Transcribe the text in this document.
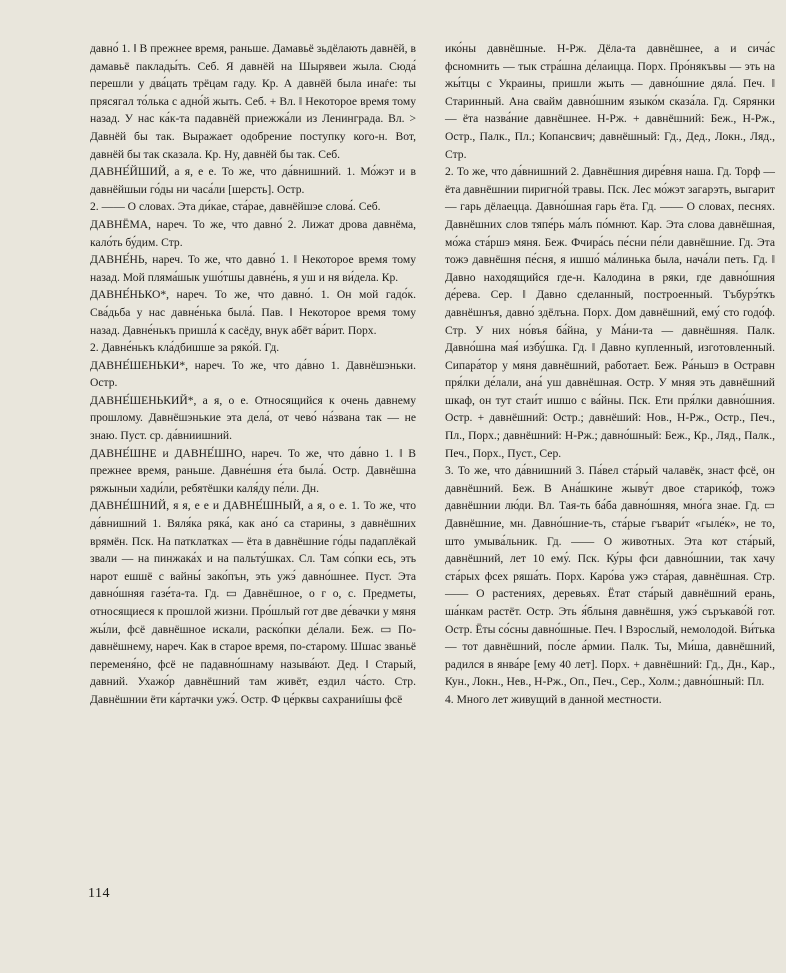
давно́ 1. ‖ В прежнее время, раньше. Дамавьё зьдёлають давнёй, в дамавьё паклады́ть. Себ. Я давнёй на Шырявеи жыла. Сюда́ перешли у два́цать трёцам гаду. Кр. А давнёй была инаѓе: ты прясягал то́лька с адно́й жыть. Себ. + Вл. ‖ Некоторое время тому назад. У нас ка́к-та падавнёй приежжа́ли из Ленинграда. Вл. > Давнёй бы так. Выражает одобрение поступку кого-н. Вот, давнёй бы так сказала. Кр. Ну, давнёй бы так. Себ.

ДАВНЕ́ЙШИЙ, а я, е е. То же, что да́внишний. 1. Мо́жэт и в давнёйшыи го́ды ни часа́ли [шерсть]. Остр.

2. —— О словах. Эта ди́кае, ста́рае, давнёйшэе слова́. Себ.

ДАВНЁМА, нареч. То же, что давно́ 2. Лижат дрова давнёма, кало́ть бу́дим. Стр.

ДАВНЕ́НЬ, нареч. То же, что давно́ 1. ‖ Некоторое время тому назад. Мой пляма́шык ушо́тшы давне́нь, я уш и ня ви́дела. Кр.

ДАВНЕ́НЬКО*, нареч. То же, что давно́. 1. Он мой гадо́к. Сва́дьба у нас давне́нька была́. Пав. ‖ Некоторое время тому назад. Давне́нькъ пришла́ к сасёду, внук абёт ва́рит. Порх.

2. Давне́нькъ кла́дбишше за ряко́й. Гд.

ДАВНЕ́ШЕНЬКИ*, нареч. То же, что да́вно 1. Давнёшэньки. Остр.

ДАВНЕ́ШЕНЬКИЙ*, а я, о е. Относящийся к очень давнему прошлому. Давнёшэнькие эта дела́, от чево́ на́звана так — не знаю. Пуст. ср. да́вниишний.

ДАВНЕ́ШНЕ и ДАВНЕ́ШНО, нареч. То же, что да́вно 1. ‖ В прежнее время, раньше. Давне́шня е́та была́. Остр. Давнёшна ряжыныи хади́ли, ребятёшки каля́ду пе́ли. Дн.

ДАВНЕ́ШНИЙ, я я, е е и ДАВНЕ́ШНЫЙ, а я, о е. 1. То же, что да́внишний 1. Вяля́ка ряка́, как ано́ са старины, з давнёшних врямён. Пск. На патклатках — ёта в давнёшние го́ды падаплёкай звали — на пинжака́х и на пальту́шках. Сл. Там со́пки есь, эть нарот ешшё с вайны́ зако́пън, эть ужэ́ давно́шнее. Пуст. Эта давно́шняя газе́та-та. Гд. ▭ Давнёшное, о г о, с. Предметы, относящиеся к прошлой жизни. Про́шлый гот две де́вачки у мяня жы́ли, фсё давнёшное искали, раско́пки де́лали. Беж. ▭ По-давнёшнему, нареч. Как в старое время, по-старому. Шшас званьё переменя́но, фсё не падавно́шнаму называ́ют. Дед. ‖ Старый, давний. Ухажо́р давнёшний там живёт, ездил ча́сто. Стр. Давнёшнии ёти ка́ртачки ужэ́. Остр. Ф це́рквы сахраниíшы фсё

ико́ны давнёшные. Н-Рж. Дёла-та давнёшнее, а и сича́с фсномнить — тык стра́шна де́лаицца. Порх. Про́някъвы — эть на жы́тцы с Украины, пришли жыть — давно́шние дяла́. Печ. ‖ Старинный. Ана свайм давно́шним языко́м сказа́ла. Гд. Сярянки — ёта назва́ние давнёшнее. Н-Рж. + давнёшний: Беж., Н-Рж., Остр., Палк., Пл.; Копансвич; давнёшный: Гд., Дед., Локн., Ляд., Стр.

2. То же, что да́внишний 2. Давнёшния дире́вня наша. Гд. Торф — ёта давнёшнии пиригно́й травы. Пск. Лес мо́жэт загарэть, выгарит — гарь дёлаецца. Давно́шная гарь ёта. Гд. —— О словах, песнях. Давнёшних слов тяпе́рь ма́лъ по́мнют. Кар. Эта слова давнёшная, мо́жа ста́ршэ мяня. Беж. Фчира́сь пе́сни пе́ли давнёшние. Гд. Эта тожэ давнёшня пе́сня, я ишшо́ ма́линька была, нача́ли петь. Гд. ‖ Давно находящийся где-н. Калодина в ряки, где давно́шния де́рева. Сер. ‖ Давно сделанный, построенный. Тъбурэ́ткъ давнёшнъя, давно́ здёлъна. Порх. Дом давнёшний, ему́ сто годо́ф. Стр. У них но́въя ба́йна, у Ма́ни-та — давнёшняя. Палк. Давно́шна мая́ избу́шка. Гд. ‖ Давно купленный, изготовленный. Сипара́тор у мяня давнёшний, работает. Беж. Ра́ньшэ в Остравн пря́лки де́лали, ана́ уш давнёшная. Остр. У мняя эть давнёшний шкаф, он тут стаи́т ишшо с ва́йны. Пск. Ети пря́лки давно́шния. Остр. + давнёшний: Остр.; давнёший: Нов., Н-Рж., Остр., Печ., Пл., Порх.; давнёшний: Н-Рж.; давно́шный: Беж., Кр., Ляд., Палк., Печ., Порх., Пуст., Сер.

3. То же, что да́внишний 3. Па́вел ста́рый чалавёк, знаст фсё, он давнёшний. Беж. В Ана́шкине жыву́т двое старико́ф, тожэ давнёшнии лю́ди. Вл. Тая-ть ба́ба давно́шняя, мно́га знае. Гд. ▭ Давнёшние, мн. Давно́шние-ть, ста́рые гъвари́т «гыле́к», не то, што умыва́льник. Гд. —— О животных. Эта кот ста́рый, давнёшний, лет 10 ему́. Пск. Ку́ры фси давно́шнии, так хачу ста́рых фсех ряша́ть. Порх. Каро́ва ужэ ста́рая, давнёшная. Стр. —— О растениях, деревьях. Ётат ста́рый давнёшний ерань, ша́нкам растёт. Остр. Эть я́блыня давнёшня, ужэ́ съръкаво́й гот. Остр. Ёты со́сны давно́шные. Печ. ‖ Взрослый, немолодой. Ви́тька — тот давнёшний, по́сле а́рмии. Палк. Ты, Ми́ша, давнёшний, радился в янва́ре [ему 40 лет]. Порх. + давнёшний: Гд., Дн., Кар., Кун., Локн., Нев., Н-Рж., Оп., Печ., Сер., Холм.; давно́шный: Пл.

4. Много лет живущий в данной местности.

114
